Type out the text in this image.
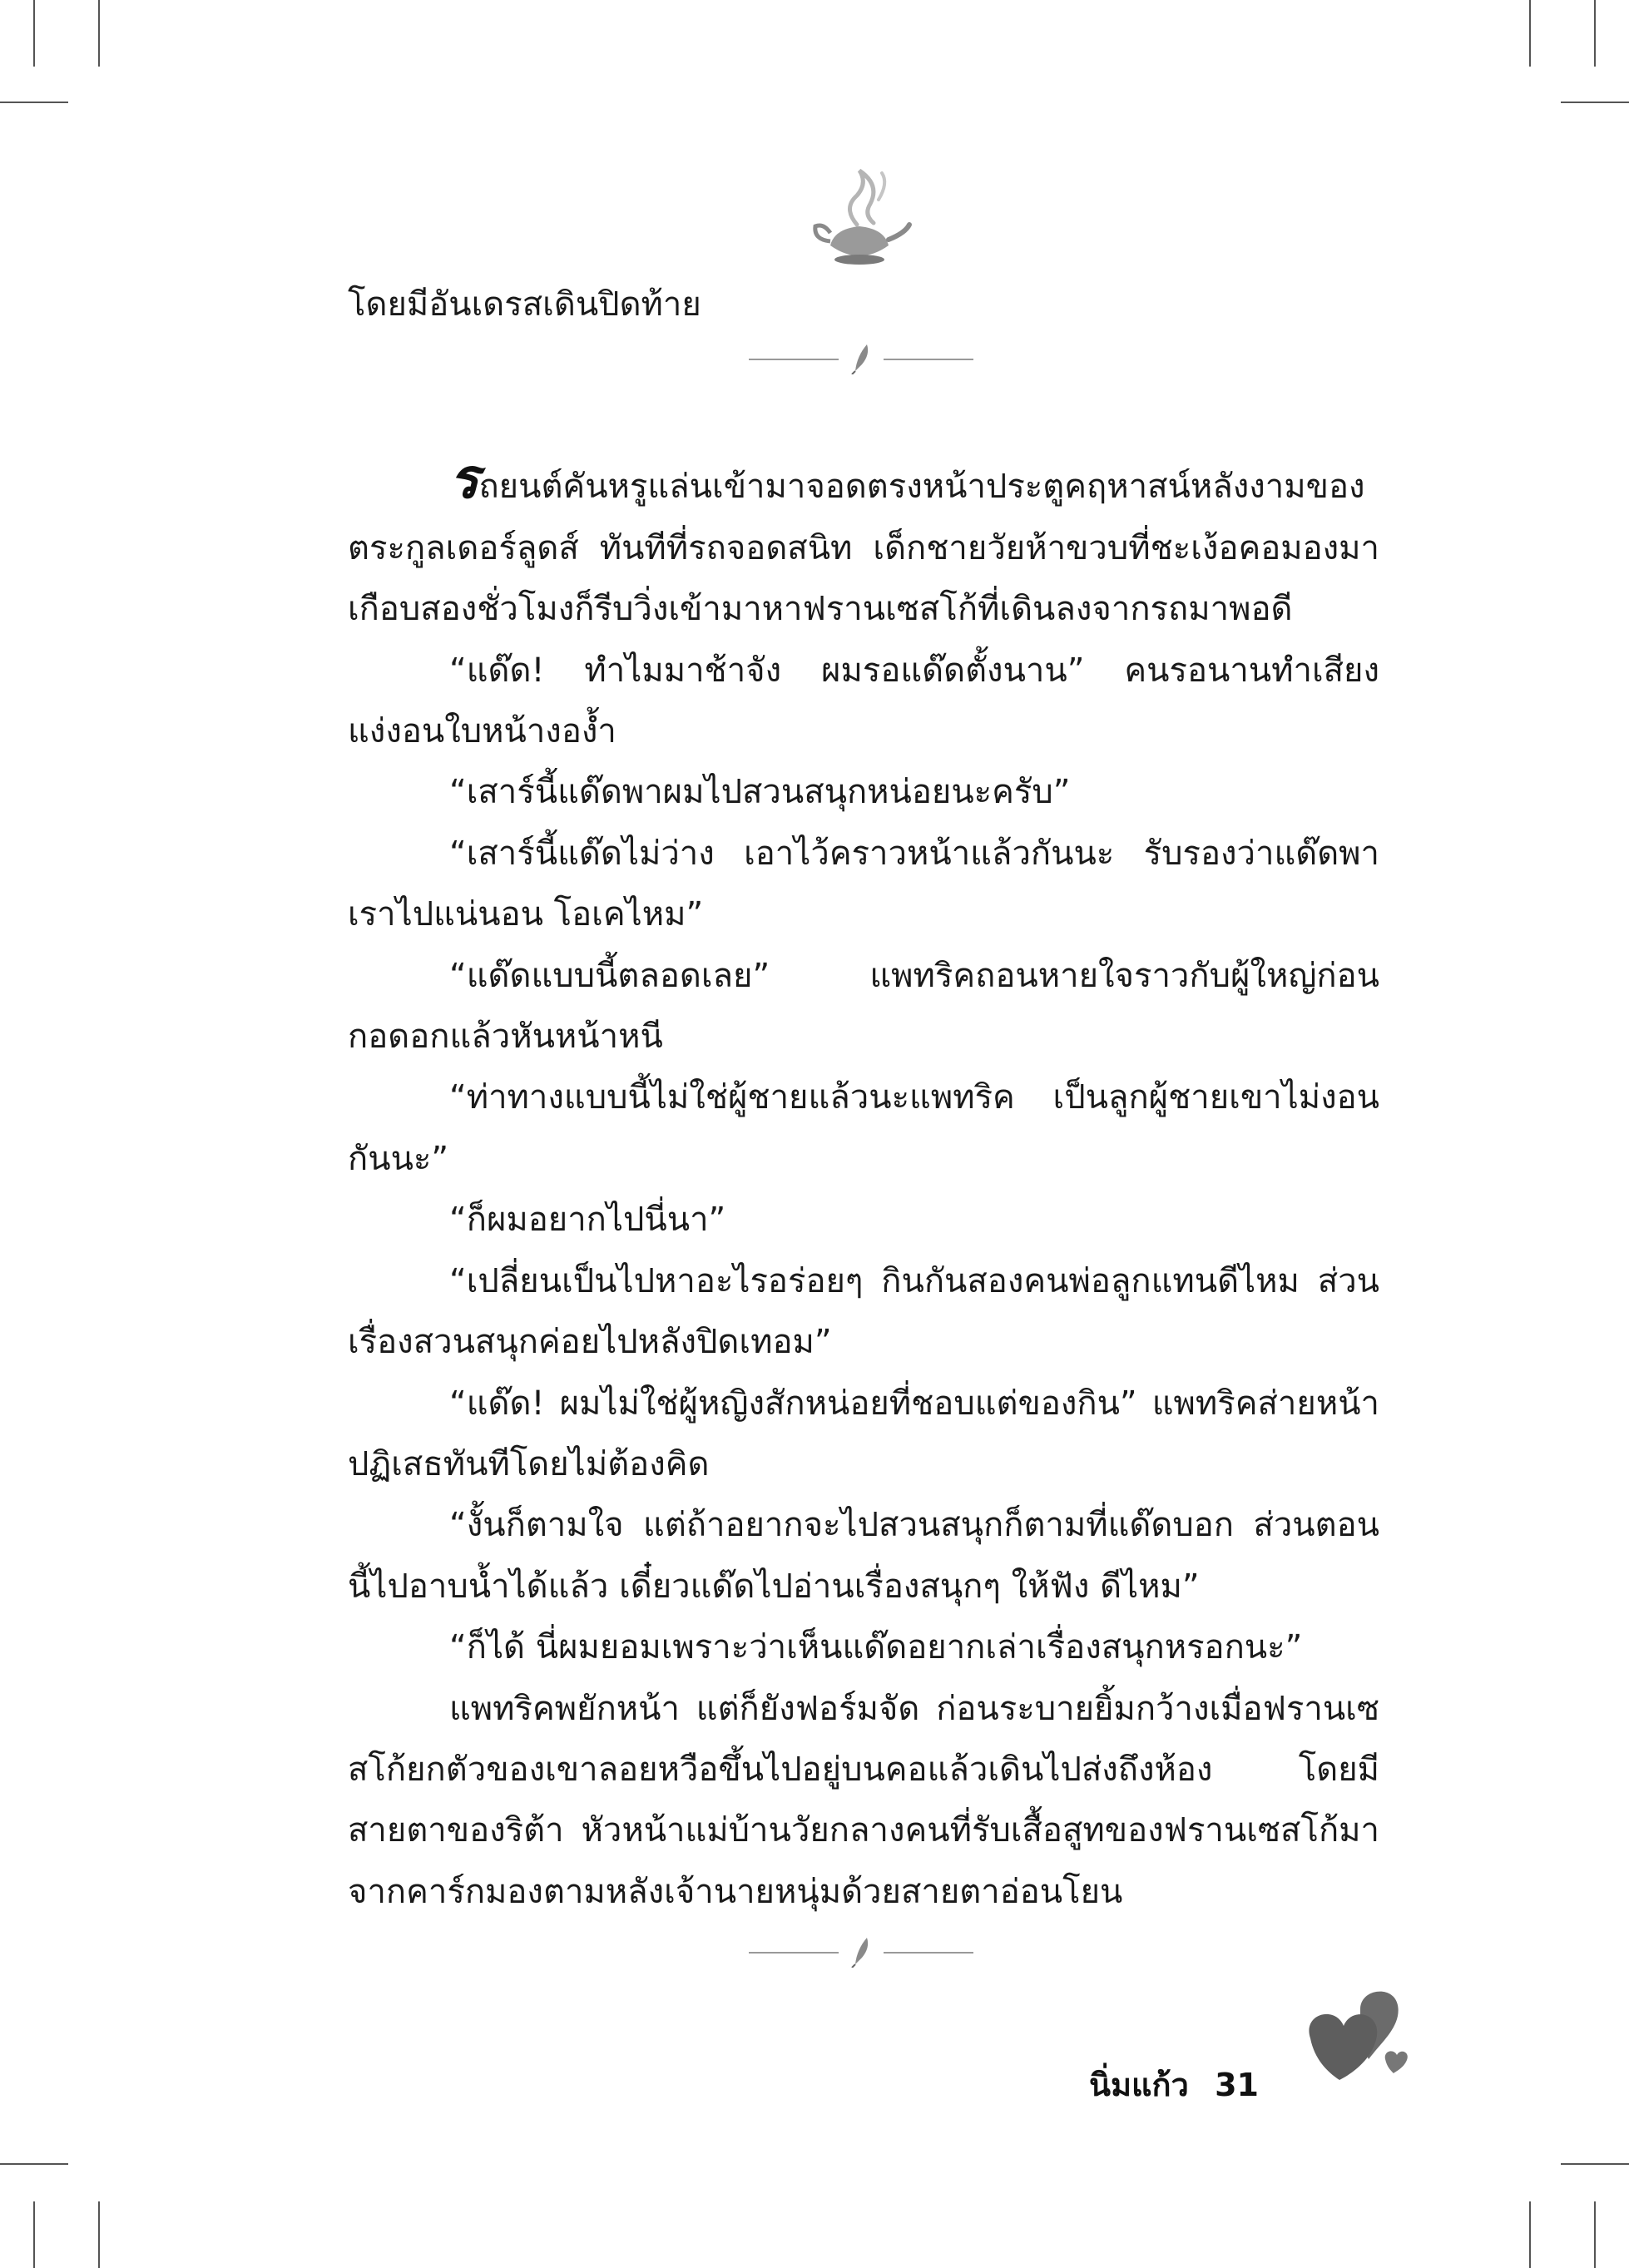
โดยมีอันเดรสเดินปิดท้าย

รถยนต์คันหรูแล่นเข้ามาจอดตรงหน้าประตูคฤหาสน์หลังงามของตระกูลเดอร์ลูดส์ ทันทีที่รถจอดสนิท เด็กชายวัยห้าขวบที่ชะเง้อคอมองมาเกือบสองชั่วโมงก็รีบวิ่งเข้ามาหาฟรานเซสโก้ที่เดินลงจากรถมาพอดี

“แด๊ด! ทำไมมาช้าจัง ผมรอแด๊ดตั้งนาน” คนรอนานทำเสียงแง่งอนใบหน้างอง้ำ

“เสาร์นี้แด๊ดพาผมไปสวนสนุกหน่อยนะครับ”

“เสาร์นี้แด๊ดไม่ว่าง เอาไว้คราวหน้าแล้วกันนะ รับรองว่าแด๊ดพาเราไปแน่นอน โอเคไหม”

“แด๊ดแบบนี้ตลอดเลย” แพทริคถอนหายใจราวกับผู้ใหญ่ก่อนกอดอกแล้วหันหน้าหนี

“ท่าทางแบบนี้ไม่ใช่ผู้ชายแล้วนะแพทริค เป็นลูกผู้ชายเขาไม่งอนกันนะ”

“ก็ผมอยากไปนี่นา”

“เปลี่ยนเป็นไปหาอะไรอร่อยๆ กินกันสองคนพ่อลูกแทนดีไหม ส่วนเรื่องสวนสนุกค่อยไปหลังปิดเทอม”

“แด๊ด! ผมไม่ใช่ผู้หญิงสักหน่อยที่ชอบแต่ของกิน” แพทริคส่ายหน้าปฏิเสธทันทีโดยไม่ต้องคิด

“งั้นก็ตามใจ แต่ถ้าอยากจะไปสวนสนุกก็ตามที่แด๊ดบอก ส่วนตอนนี้ไปอาบน้ำได้แล้ว เดี๋ยวแด๊ดไปอ่านเรื่องสนุกๆ ให้ฟัง ดีไหม”

“ก็ได้ นี่ผมยอมเพราะว่าเห็นแด๊ดอยากเล่าเรื่องสนุกหรอกนะ”

แพทริคพยักหน้า แต่ก็ยังฟอร์มจัด ก่อนระบายยิ้มกว้างเมื่อฟรานเซสโก้ยกตัวของเขาลอยหวือขึ้นไปอยู่บนคอแล้วเดินไปส่งถึงห้อง โดยมีสายตาของริต้า หัวหน้าแม่บ้านวัยกลางคนที่รับเสื้อสูทของฟรานเซสโก้มาจากคาร์กมองตามหลังเจ้านายหนุ่มด้วยสายตาอ่อนโยน

นิ่มแก้ว 31
